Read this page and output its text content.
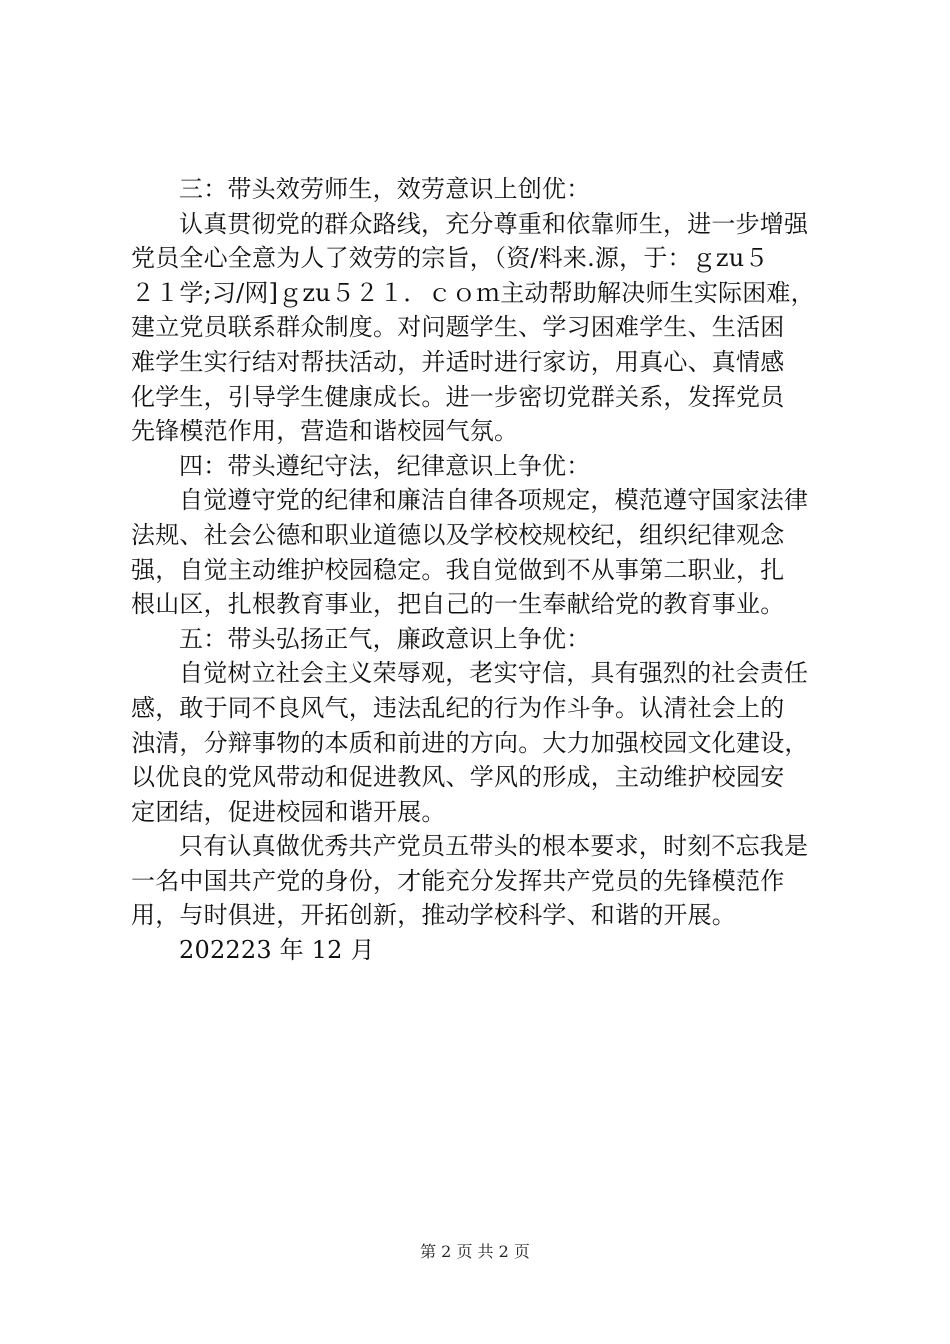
三：带头效劳师生，效劳意识上创优：
认真贯彻党的群众路线，充分尊重和依靠师生，进一步增强
党员全心全意为人了效劳的宗旨，（资/料来.源，于：ｇzu５
２１学;习/网]ｇzu５２１．ｃｏｍ主动帮助解决师生实际困难，
建立党员联系群众制度。对问题学生、学习困难学生、生活困
难学生实行结对帮扶活动，并适时进行家访，用真心、真情感
化学生，引导学生健康成长。进一步密切党群关系，发挥党员
先锋模范作用，营造和谐校园气氛。
四：带头遵纪守法，纪律意识上争优：
自觉遵守党的纪律和廉洁自律各项规定，模范遵守国家法律
法规、社会公德和职业道德以及学校校规校纪，组织纪律观念
强，自觉主动维护校园稳定。我自觉做到不从事第二职业，扎
根山区，扎根教育事业，把自己的一生奉献给党的教育事业。
五：带头弘扬正气，廉政意识上争优：
自觉树立社会主义荣辱观，老实守信，具有强烈的社会责任
感，敢于同不良风气，违法乱纪的行为作斗争。认清社会上的
浊清，分辩事物的本质和前进的方向。大力加强校园文化建设，
以优良的党风带动和促进教风、学风的形成，主动维护校园安
定团结，促进校园和谐开展。
只有认真做优秀共产党员五带头的根本要求，时刻不忘我是
一名中国共产党的身份，才能充分发挥共产党员的先锋模范作
用，与时俱进，开拓创新，推动学校科学、和谐的开展。
202223 年 12 月
第 2 页 共 2 页
